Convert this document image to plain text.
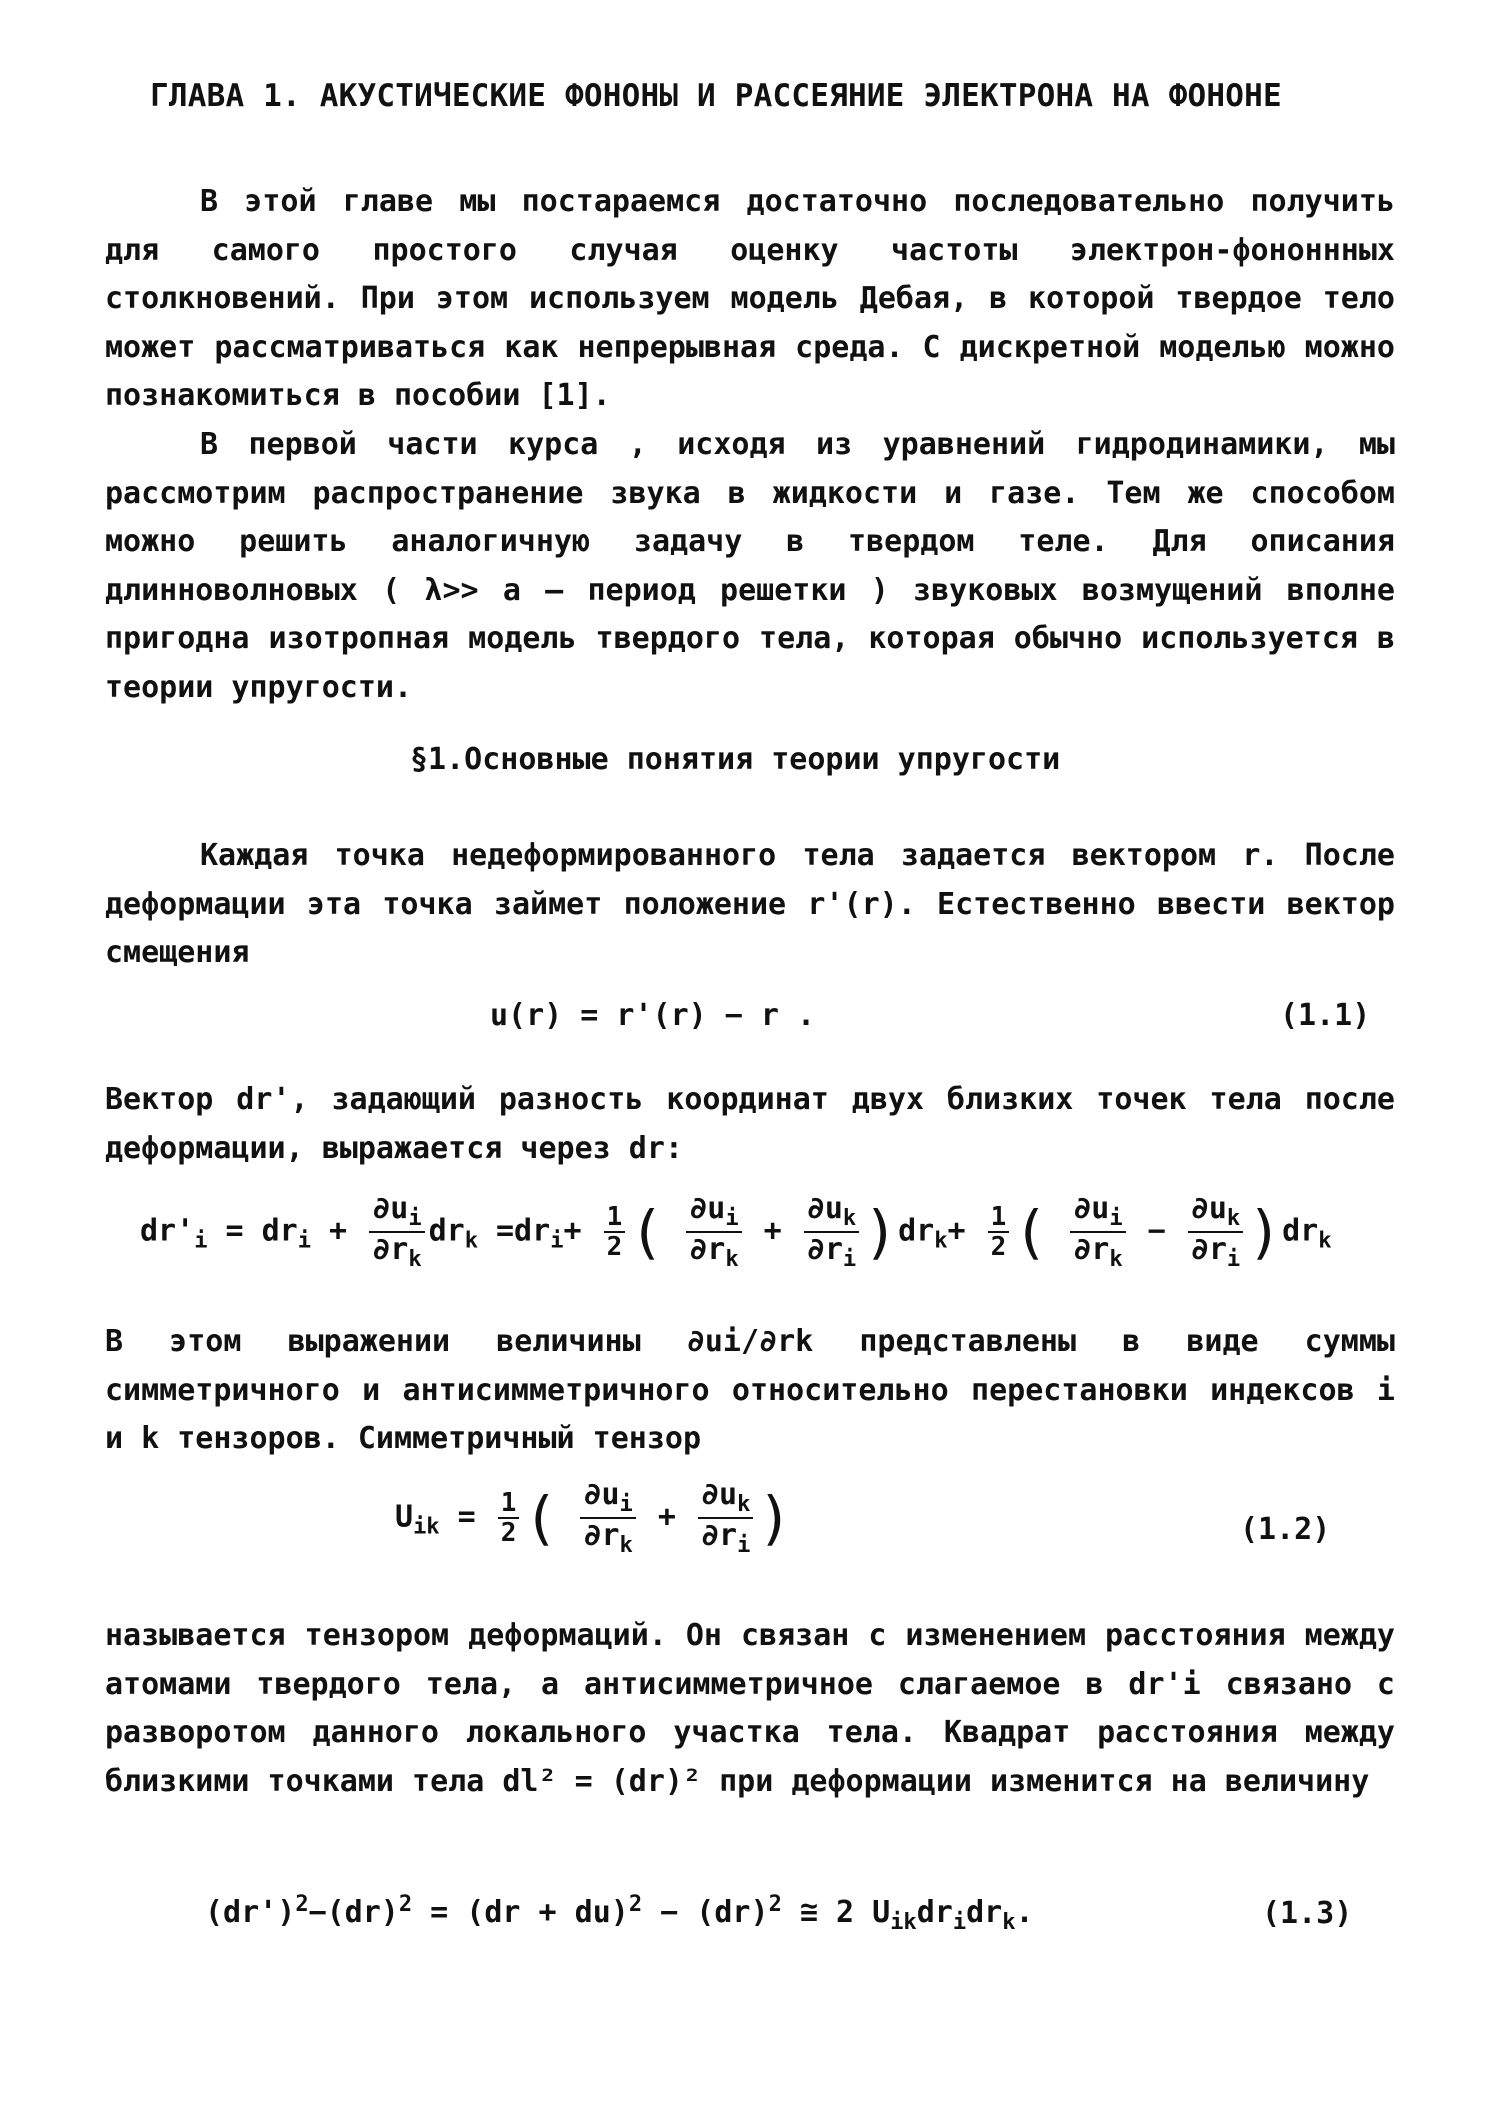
ГЛАВА 1. АКУСТИЧЕСКИЕ ФОНОНЫ И РАССЕЯНИЕ ЭЛЕКТРОНА НА ФОНОНЕ

В этой главе мы постараемся достаточно последовательно получить для самого простого случая оценку частоты электрон-фононнных столкновений. При этом используем модель Дебая, в которой твердое тело может рассматриваться как непрерывная среда. С дискретной моделью можно познакомиться в пособии [1].

В первой части курса , исходя из уравнений гидродинамики, мы рассмотрим распространение звука в жидкости и газе. Тем же способом можно решить аналогичную задачу в твердом теле. Для описания длинноволновых ( λ>> a – период решетки ) звуковых возмущений вполне пригодна изотропная модель твердого тела, которая обычно используется в теории упругости.

§1.Основные понятия теории упругости

Каждая точка недеформированного тела задается вектором r. После деформации эта точка займет положение r'(r). Естественно ввести вектор смещения

u(r) = r'(r) − r .	(1.1)

Вектор dr', задающий разность координат двух близких точек тела после деформации, выражается через dr:

$dr'_i = dr_i + \frac{\partial u_i}{\partial r_k} dr_k =dr_i+ \frac{1}{2}$ ( $\frac{\partial u_i}{\partial r_k} + \frac{\partial u_k}{\partial r_i} )dr_k+ \frac{1}{2}$ ( $\frac{\partial u_i}{\partial r_k} - \frac{\partial u_k}{\partial r_i} )dr_k$

В этом выражении величины ∂ui/∂rk представлены в виде суммы симметричного и антисимметричного относительно перестановки индексов i и k тензоров. Симметричный тензор

$U_{ik} = \frac{1}{2}$ ( $\frac{\partial u_i}{\partial r_k} + \frac{\partial u_k}{\partial r_i}$ )	(1.2)

называется тензором деформаций. Он связан с изменением расстояния между атомами твердого тела, а антисимметричное слагаемое в dr'i связано с разворотом данного локального участка тела. Квадрат расстояния между близкими точками тела dl² = (dr)² при деформации изменится на величину

$(dr')^2-(dr)^2 = (dr + du)^2 - (dr)^2$ ≅ 2 $U_{ik}dr_idr_k$.	(1.3)
